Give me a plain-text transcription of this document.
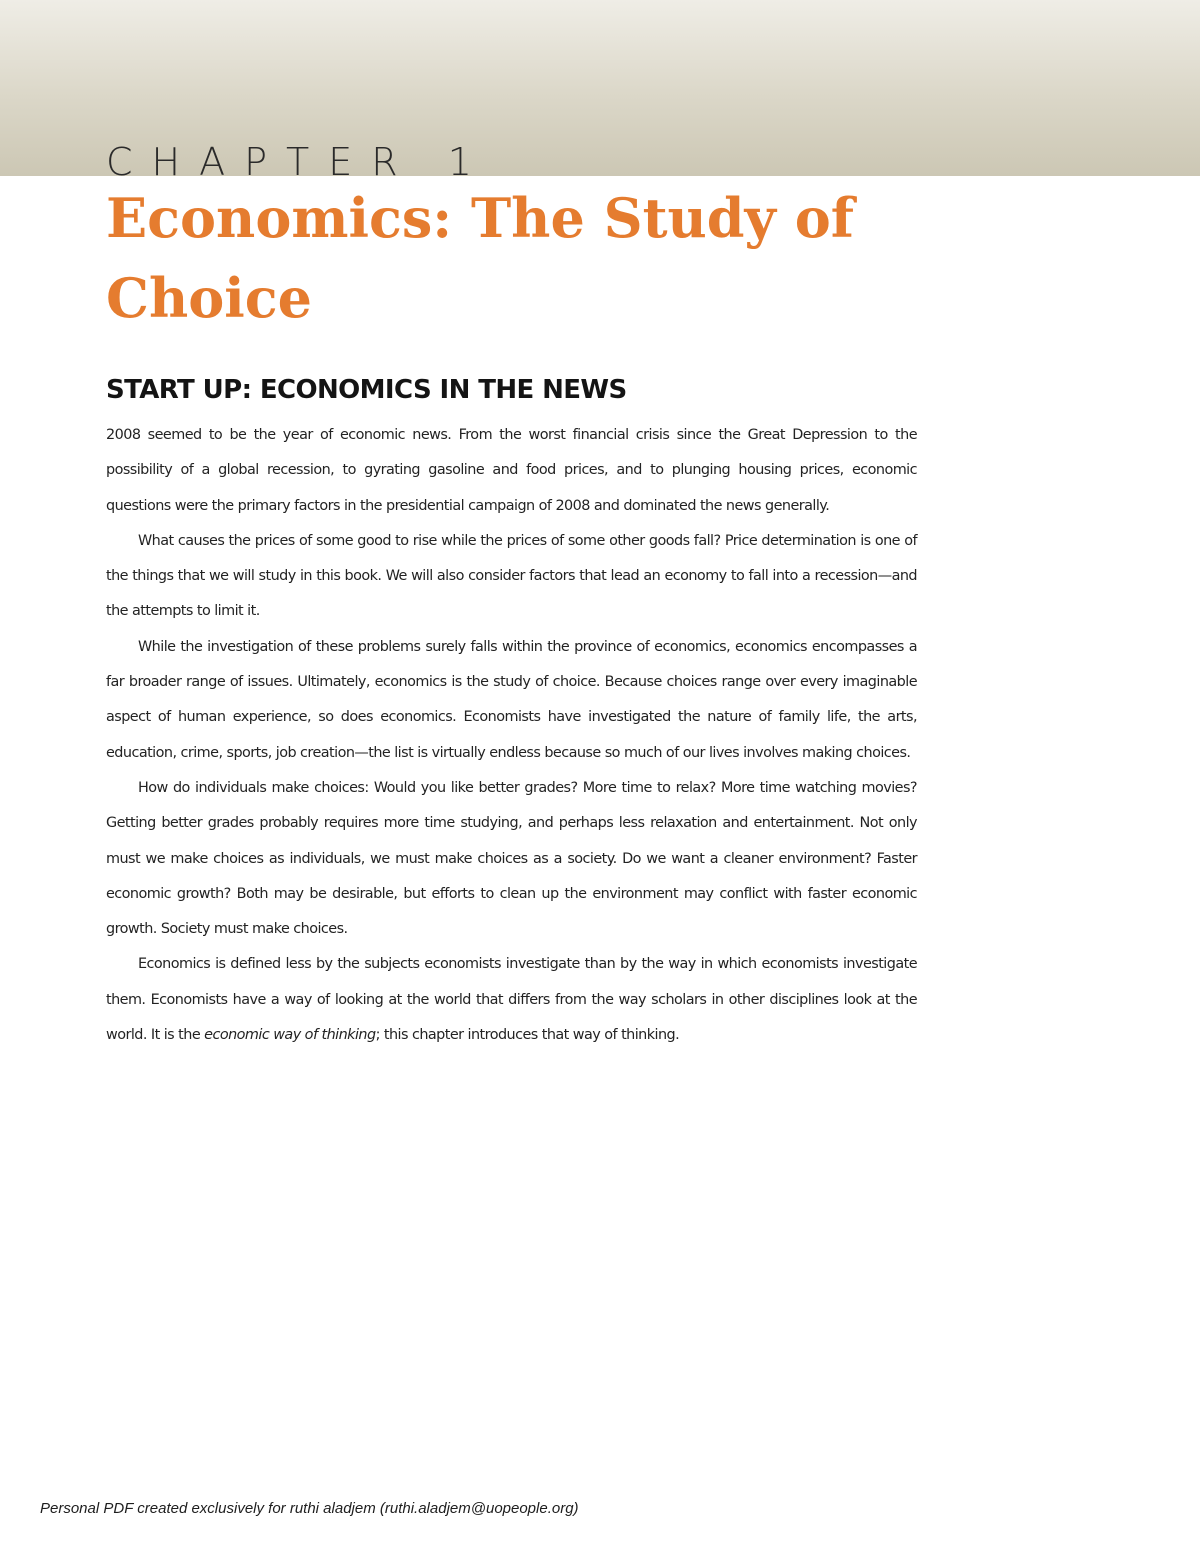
CHAPTER 1
Economics: The Study of Choice
START UP: ECONOMICS IN THE NEWS

2008 seemed to be the year of economic news. From the worst financial crisis since the Great Depression to the possibility of a global recession, to gyrating gasoline and food prices, and to plunging housing prices, economic questions were the primary factors in the presidential campaign of 2008 and dominated the news generally.

What causes the prices of some good to rise while the prices of some other goods fall? Price determination is one of the things that we will study in this book. We will also consider factors that lead an economy to fall into a recession—and the attempts to limit it.

While the investigation of these problems surely falls within the province of economics, economics encompasses a far broader range of issues. Ultimately, economics is the study of choice. Because choices range over every imaginable aspect of human experience, so does economics. Economists have investigated the nature of family life, the arts, education, crime, sports, job creation—the list is virtually endless because so much of our lives involves making choices.

How do individuals make choices: Would you like better grades? More time to relax? More time watching movies? Getting better grades probably requires more time studying, and perhaps less relaxation and entertainment. Not only must we make choices as individuals, we must make choices as a society. Do we want a cleaner environment? Faster economic growth? Both may be desirable, but efforts to clean up the environment may conflict with faster economic growth. Society must make choices.

Economics is defined less by the subjects economists investigate than by the way in which economists investigate them. Economists have a way of looking at the world that differs from the way scholars in other disciplines look at the world. It is the economic way of thinking; this chapter introduces that way of thinking.

Personal PDF created exclusively for ruthi aladjem (ruthi.aladjem@uopeople.org)
